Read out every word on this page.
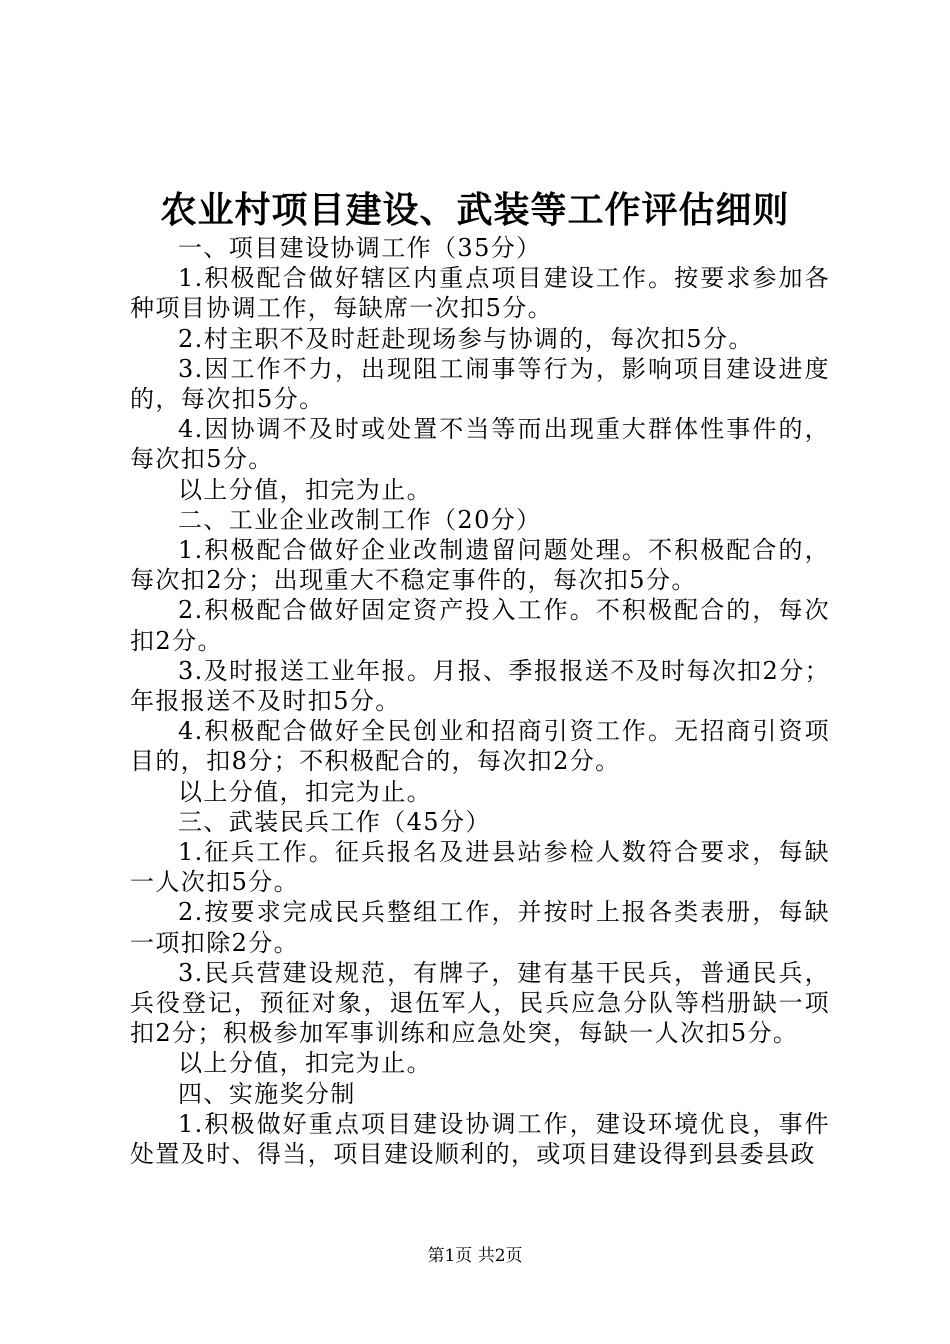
农业村项目建设、武装等工作评估细则

一、项目建设协调工作（35分）

1.积极配合做好辖区内重点项目建设工作。按要求参加各种项目协调工作，每缺席一次扣5分。

2.村主职不及时赶赴现场参与协调的，每次扣5分。

3.因工作不力，出现阻工闹事等行为，影响项目建设进度的，每次扣5分。

4.因协调不及时或处置不当等而出现重大群体性事件的，每次扣5分。

以上分值，扣完为止。

二、工业企业改制工作（20分）

1.积极配合做好企业改制遗留问题处理。不积极配合的，每次扣2分；出现重大不稳定事件的，每次扣5分。

2.积极配合做好固定资产投入工作。不积极配合的，每次扣2分。

3.及时报送工业年报。月报、季报报送不及时每次扣2分；年报报送不及时扣5分。

4.积极配合做好全民创业和招商引资工作。无招商引资项目的，扣8分；不积极配合的，每次扣2分。

以上分值，扣完为止。

三、武装民兵工作（45分）

1.征兵工作。征兵报名及进县站参检人数符合要求，每缺一人次扣5分。

2.按要求完成民兵整组工作，并按时上报各类表册，每缺一项扣除2分。

3.民兵营建设规范，有牌子，建有基干民兵，普通民兵，兵役登记，预征对象，退伍军人，民兵应急分队等档册缺一项扣2分；积极参加军事训练和应急处突，每缺一人次扣5分。

以上分值，扣完为止。

四、实施奖分制

1.积极做好重点项目建设协调工作，建设环境优良，事件处置及时、得当，项目建设顺利的，或项目建设得到县委县政

第1页 共2页
